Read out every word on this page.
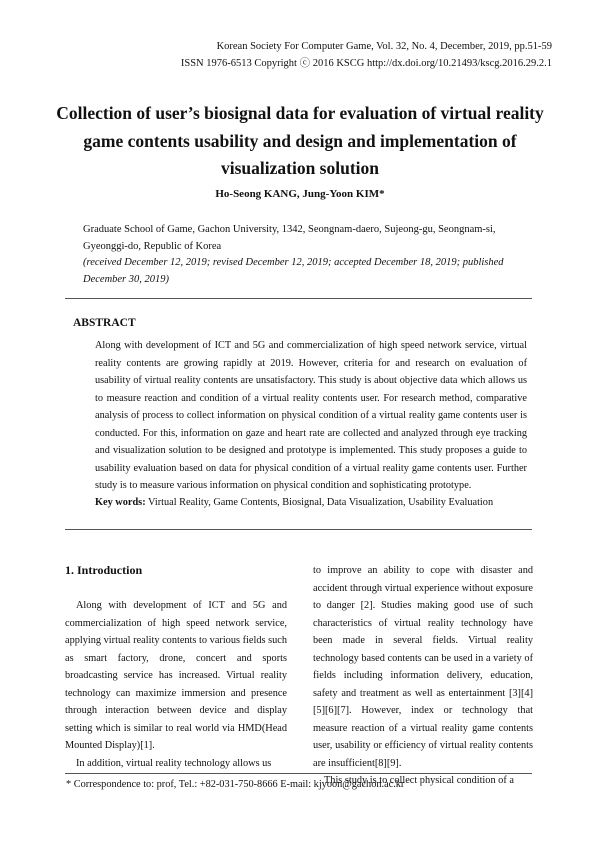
Korean Society For Computer Game, Vol. 32, No. 4, December, 2019, pp.51-59
ISSN 1976-6513 Copyright ⓒ 2016 KSCG http://dx.doi.org/10.21493/kscg.2016.29.2.1
Collection of user’s biosignal data for evaluation of virtual reality
game contents usability and design and implementation of
visualization solution
Ho-Seong KANG, Jung-Yoon KIM*
Graduate School of Game, Gachon University, 1342, Seongnam-daero, Sujeong-gu, Seongnam-si, Gyeonggi-do, Republic of Korea
(received December 12, 2019; revised December 12, 2019; accepted December 18, 2019; published December 30, 2019)
ABSTRACT
Along with development of ICT and 5G and commercialization of high speed network service, virtual reality contents are growing rapidly at 2019. However, criteria for and research on evaluation of usability of virtual reality contents are unsatisfactory. This study is about objective data which allows us to measure reaction and condition of a virtual reality contents user. For research method, comparative analysis of process to collect information on physical condition of a virtual reality game contents user is conducted. For this, information on gaze and heart rate are collected and analyzed through eye tracking and visualization solution to be designed and prototype is implemented. This study proposes a guide to usability evaluation based on data for physical condition of a virtual reality game contents user. Further study is to measure various information on physical condition and sophisticating prototype.
Key words: Virtual Reality, Game Contents, Biosignal, Data Visualization, Usability Evaluation
1. Introduction

Along with development of ICT and 5G and commercialization of high speed network service, applying virtual reality contents to various fields such as smart factory, drone, concert and sports broadcasting service has increased. Virtual reality technology can maximize immersion and presence through interaction between device and display setting which is similar to real world via HMD(Head Mounted Display)[1].

In addition, virtual reality technology allows us

to improve an ability to cope with disaster and accident through virtual experience without exposure to danger [2]. Studies making good use of such characteristics of virtual reality technology have been made in several fields. Virtual reality technology based contents can be used in a variety of fields including information delivery, education, safety and treatment as well as entertainment [3][4][5][6][7]. However, index or technology that measure reaction of a virtual reality game contents user, usability or efficiency of virtual reality contents are insufficient[8][9].

This study is to collect physical condition of a

* Correspondence to: prof, Tel.: +82-031-750-8666 E-mail: kjyoon@gachon.ac.kr
